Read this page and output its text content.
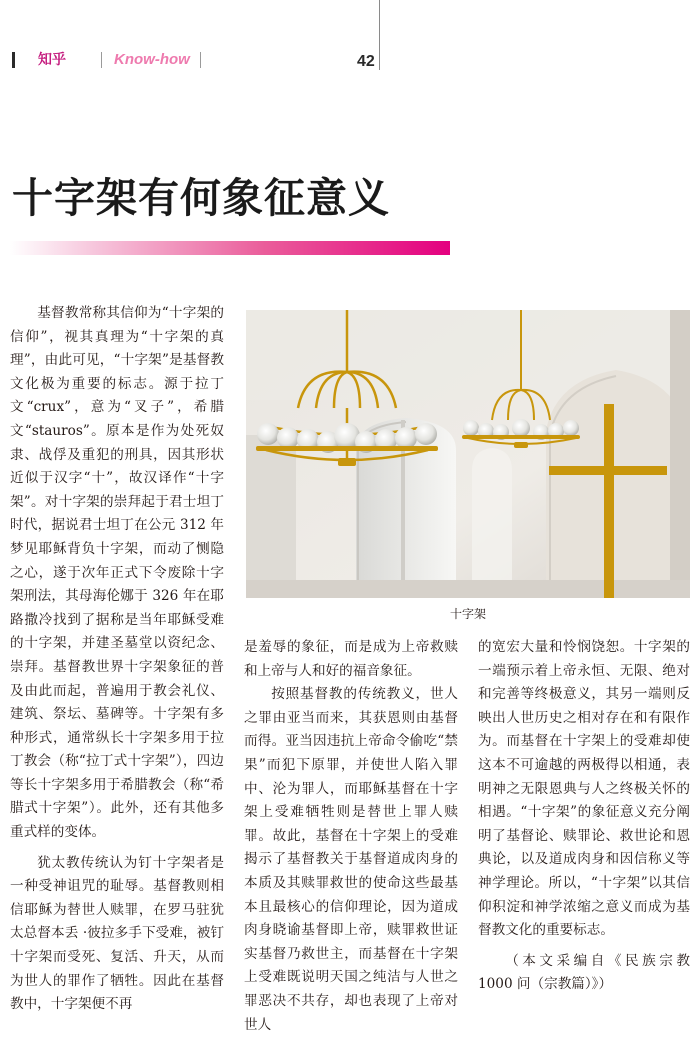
知乎	Know-how	42
十字架有何象征意义

基督教常称其信仰为“十字架的信仰”，视其真理为“十字架的真理”，由此可见，“十字架”是基督教文化极为重要的标志。源于拉丁文“crux”，意为“叉子”，希腊文“stauros”。原本是作为处死奴隶、战俘及重犯的刑具，因其形状近似于汉字“十”，故汉译作“十字架”。对十字架的崇拜起于君士坦丁时代，据说君士坦丁在公元 312 年梦见耶稣背负十字架，而动了恻隐之心，遂于次年正式下令废除十字架刑法，其母海伦娜于 326 年在耶路撒冷找到了据称是当年耶稣受难的十字架，并建圣墓堂以资纪念、崇拜。基督教世界十字架象征的普及由此而起，普遍用于教会礼仪、建筑、祭坛、墓碑等。十字架有多种形式，通常纵长十字架多用于拉丁教会（称“拉丁式十字架”），四边等长十字架多用于希腊教会（称“希腊式十字架”）。此外，还有其他多重式样的变体。

犹太教传统认为钉十字架者是一种受神诅咒的耻辱。基督教则相信耶稣为替世人赎罪，在罗马驻犹太总督本丢 ·彼拉多手下受难，被钉十字架而受死、复活、升天，从而为世人的罪作了牺牲。因此在基督教中，十字架便不再

十字架

是羞辱的象征，而是成为上帝救赎和上帝与人和好的福音象征。

按照基督教的传统教义，世人之罪由亚当而来，其获恩则由基督而得。亚当因违抗上帝命令偷吃“禁果”而犯下原罪，并使世人陷入罪中、沦为罪人，而耶稣基督在十字架上受难牺牲则是替世上罪人赎罪。故此，基督在十字架上的受难揭示了基督教关于基督道成肉身的本质及其赎罪救世的使命这些最基本且最核心的信仰理论，因为道成肉身晓谕基督即上帝，赎罪救世证实基督乃救世主，而基督在十字架上受难既说明天国之纯洁与人世之罪恶决不共存，却也表现了上帝对世人

的宽宏大量和怜悯饶恕。十字架的一端预示着上帝永恒、无限、绝对和完善等终极意义，其另一端则反映出人世历史之相对存在和有限作为。而基督在十字架上的受难却使这本不可逾越的两极得以相通，表明神之无限恩典与人之终极关怀的相遇。“十字架”的象征意义充分阐明了基督论、赎罪论、救世论和恩典论，以及道成肉身和因信称义等神学理论。所以，“十字架”以其信仰积淀和神学浓缩之意义而成为基督教文化的重要标志。

（本文采编自《民族宗教 1000 问（宗教篇）》）
